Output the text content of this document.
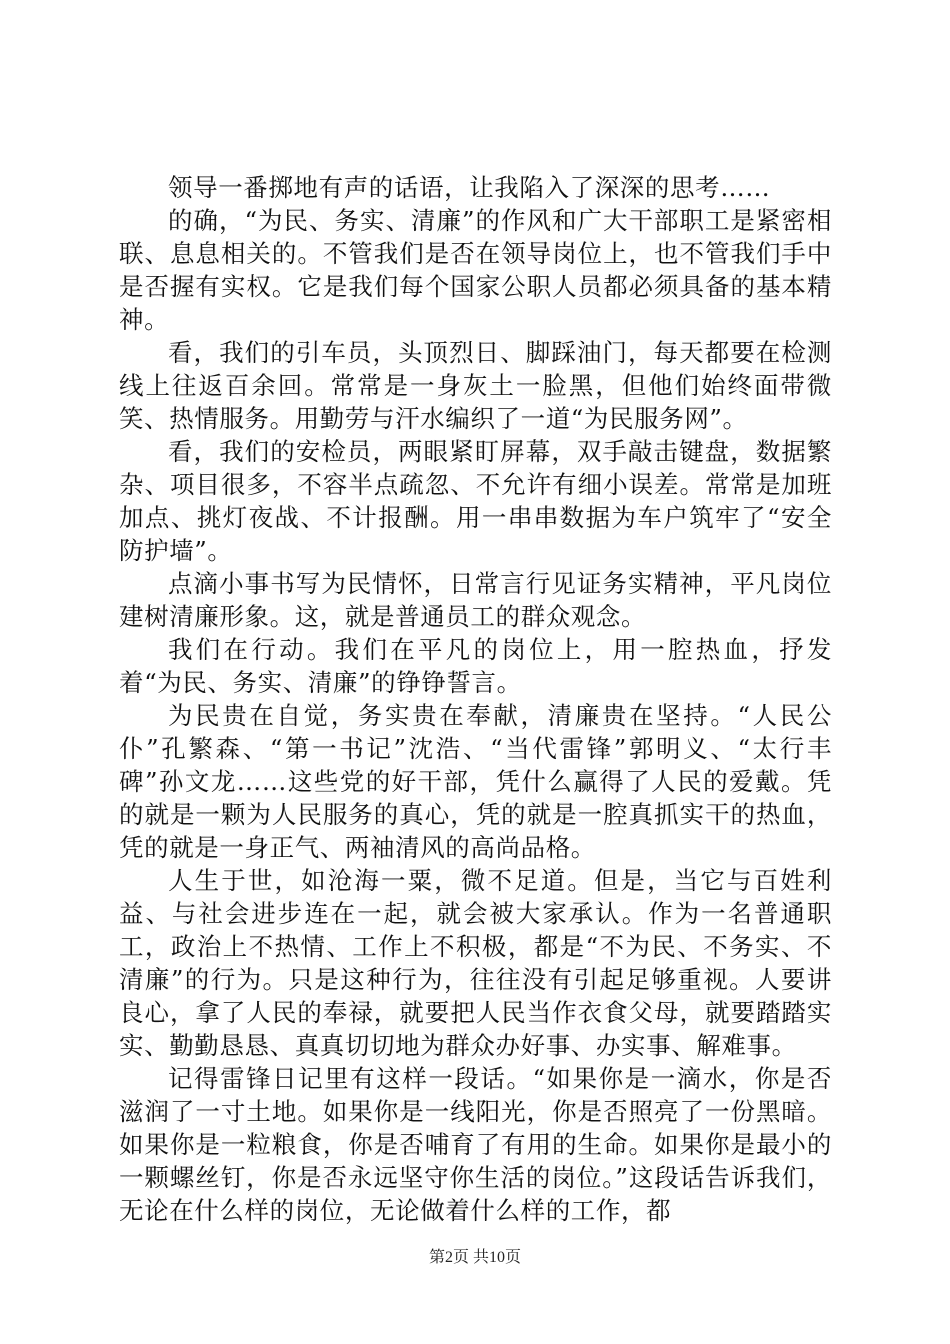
领导一番掷地有声的话语，让我陷入了深深的思考……

的确，“为民、务实、清廉”的作风和广大干部职工是紧密相联、息息相关的。不管我们是否在领导岗位上，也不管我们手中是否握有实权。它是我们每个国家公职人员都必须具备的基本精神。

看，我们的引车员，头顶烈日、脚踩油门，每天都要在检测线上往返百余回。常常是一身灰土一脸黑，但他们始终面带微笑、热情服务。用勤劳与汗水编织了一道“为民服务网”。

看，我们的安检员，两眼紧盯屏幕，双手敲击键盘，数据繁杂、项目很多，不容半点疏忽、不允许有细小误差。常常是加班加点、挑灯夜战、不计报酬。用一串串数据为车户筑牢了“安全防护墙”。

点滴小事书写为民情怀，日常言行见证务实精神，平凡岗位建树清廉形象。这，就是普通员工的群众观念。

我们在行动。我们在平凡的岗位上，用一腔热血，抒发着“为民、务实、清廉”的铮铮誓言。

为民贵在自觉，务实贵在奉献，清廉贵在坚持。“人民公仆”孔繁森、“第一书记”沈浩、“当代雷锋”郭明义、“太行丰碑”孙文龙……这些党的好干部，凭什么赢得了人民的爱戴。凭的就是一颗为人民服务的真心，凭的就是一腔真抓实干的热血，凭的就是一身正气、两袖清风的高尚品格。

人生于世，如沧海一粟，微不足道。但是，当它与百姓利益、与社会进步连在一起，就会被大家承认。作为一名普通职工，政治上不热情、工作上不积极，都是“不为民、不务实、不清廉”的行为。只是这种行为，往往没有引起足够重视。人要讲良心，拿了人民的奉禄，就要把人民当作衣食父母，就要踏踏实实、勤勤恳恳、真真切切地为群众办好事、办实事、解难事。

记得雷锋日记里有这样一段话。“如果你是一滴水，你是否滋润了一寸土地。如果你是一线阳光，你是否照亮了一份黑暗。如果你是一粒粮食，你是否哺育了有用的生命。如果你是最小的一颗螺丝钉，你是否永远坚守你生活的岗位。”这段话告诉我们，无论在什么样的岗位，无论做着什么样的工作，都

第2页 共10页
